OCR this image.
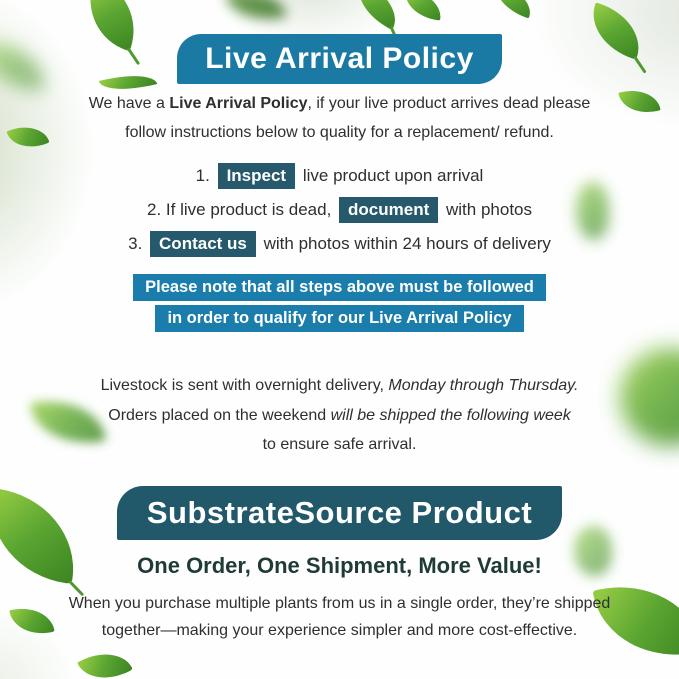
Live Arrival Policy
We have a Live Arrival Policy, if your live product arrives dead please follow instructions below to quality for a replacement/ refund.
1. Inspect live product upon arrival
2. If live product is dead, document with photos
3. Contact us with photos within 24 hours of delivery
Please note that all steps above must be followed
in order to qualify for our Live Arrival Policy
Livestock is sent with overnight delivery, Monday through Thursday.
Orders placed on the weekend will be shipped the following week
to ensure safe arrival.
SubstrateSource Product
One Order, One Shipment, More Value!
When you purchase multiple plants from us in a single order, they’re shipped together—making your experience simpler and more cost-effective.
